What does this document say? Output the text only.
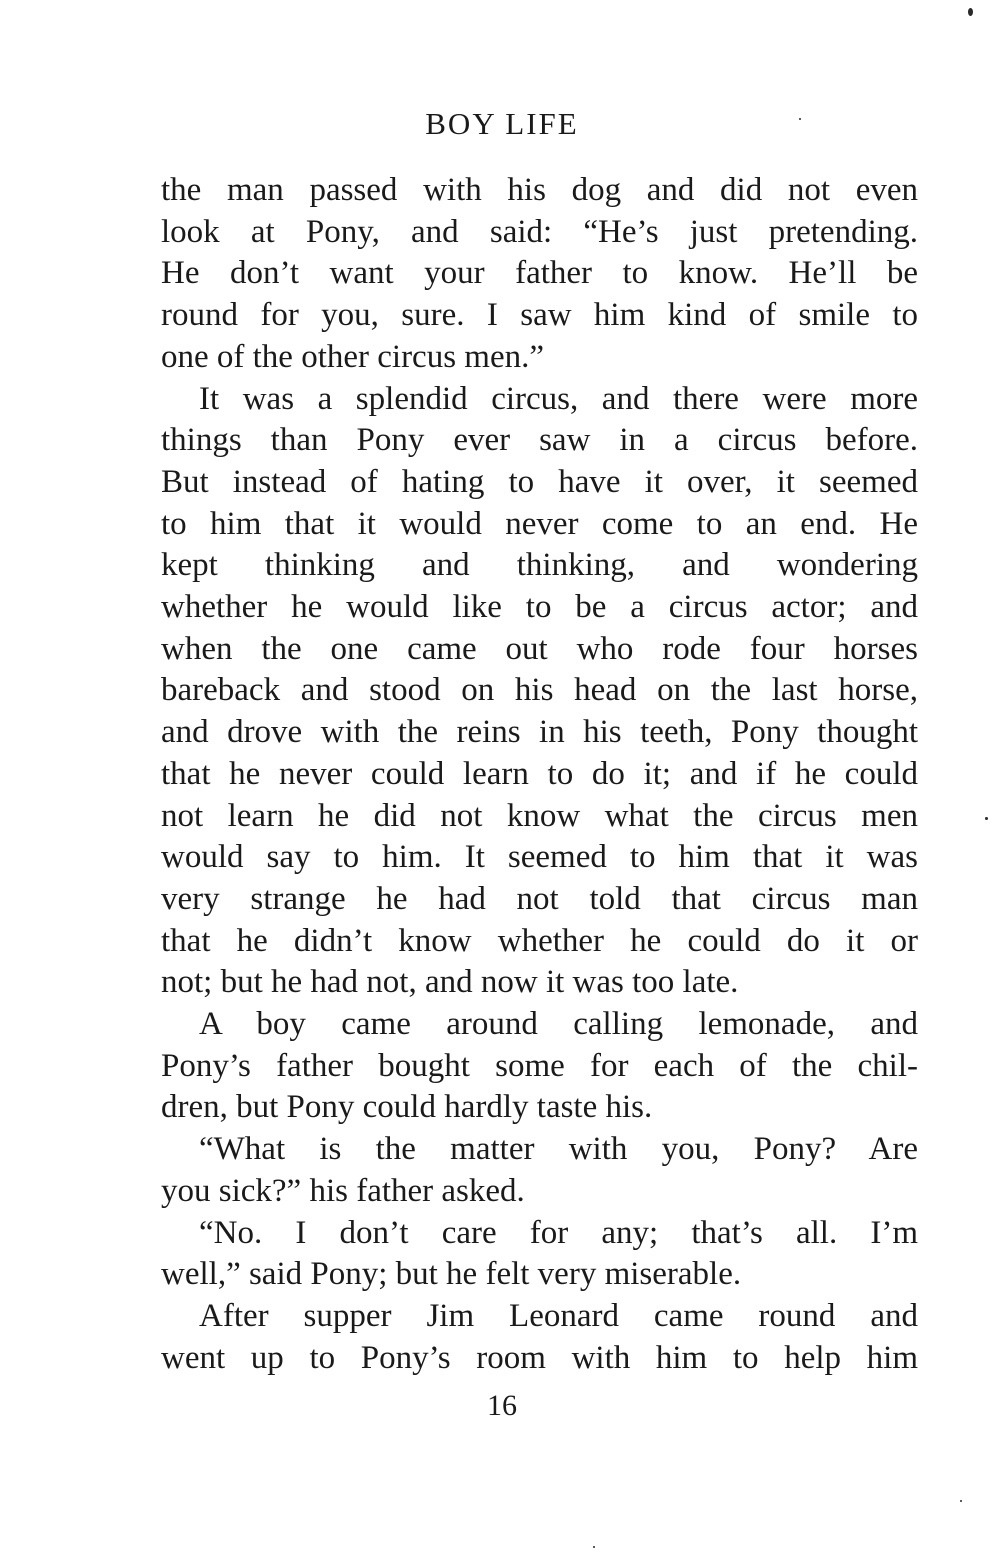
BOY LIFE

the man passed with his dog and did not even

look at Pony, and said: “He’s just pretending.

He don’t want your father to know. He’ll be

round for you, sure. I saw him kind of smile to

one of the other circus men.”

It was a splendid circus, and there were more

things than Pony ever saw in a circus before.

But instead of hating to have it over, it seemed

to him that it would never come to an end. He

kept thinking and thinking, and wondering

whether he would like to be a circus actor; and

when the one came out who rode four horses

bareback and stood on his head on the last horse,

and drove with the reins in his teeth, Pony thought

that he never could learn to do it; and if he could

not learn he did not know what the circus men

would say to him. It seemed to him that it was

very strange he had not told that circus man

that he didn’t know whether he could do it or

not; but he had not, and now it was too late.

A boy came around calling lemonade, and

Pony’s father bought some for each of the chil-

dren, but Pony could hardly taste his.

“What is the matter with you, Pony? Are

you sick?” his father asked.

“No. I don’t care for any; that’s all. I’m

well,” said Pony; but he felt very miserable.

After supper Jim Leonard came round and

went up to Pony’s room with him to help him

16
